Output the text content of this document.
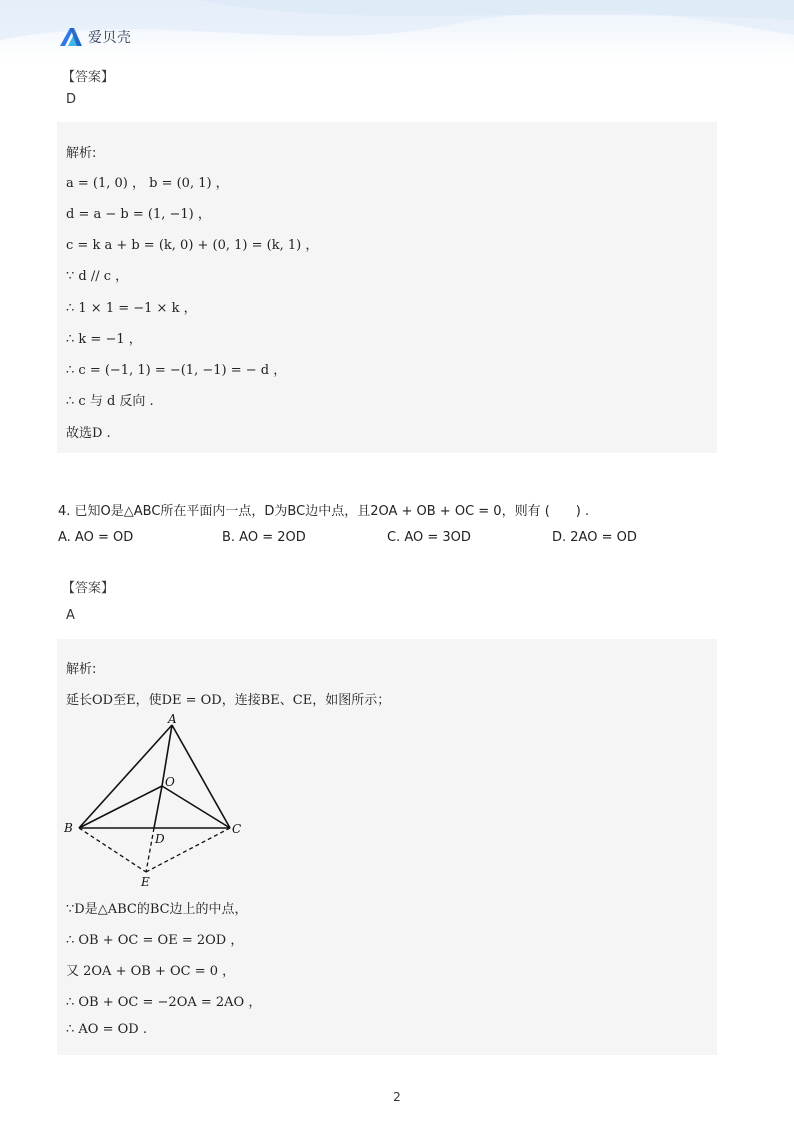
爱贝壳
【答案】
D
解析:
a = (1, 0) ， b = (0, 1) ，
d = a − b = (1, −1) ，
c = k a + b = (k, 0) + (0, 1) = (k, 1) ，
∵ d // c ，
∴ 1 × 1 = −1 × k ，
∴ k = −1 ，
∴ c = (−1, 1) = −(1, −1) = − d ，
∴ c 与 d 反向 .
故选D .
4. 已知O是△ABC所在平面内一点，D为BC边中点，且2OA + OB + OC = 0，则有 (　　) .
A. AO = OD	B. AO = 2OD	C. AO = 3OD	D. 2AO = OD
【答案】
A
解析:
延长OD至E，使DE = OD，连接BE、CE，如图所示；
A
B	C
O
D
E
∵D是△ABC的BC边上的中点，
∴ OB + OC = OE = 2OD ，
又 2OA + OB + OC = 0 ，
∴ OB + OC = −2OA = 2AO ，
∴ AO = OD .
2
